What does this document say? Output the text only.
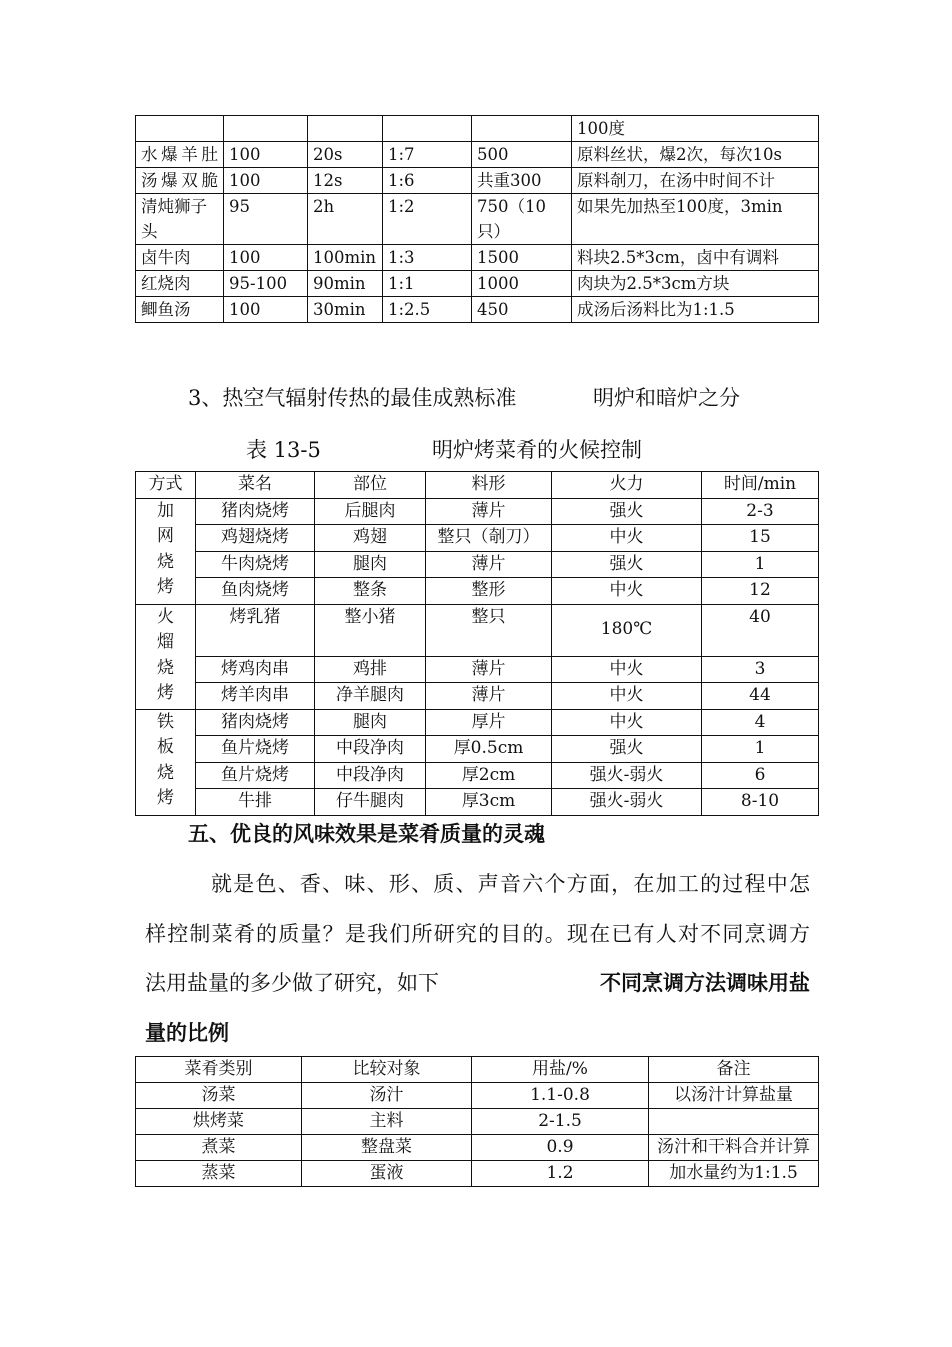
					100度
水爆羊肚	100	20s	1:7	500	原料丝状，爆2次，每次10s
汤爆双脆	100	12s	1:6	共重300	原料剞刀，在汤中时间不计
清炖狮子头	95	2h	1:2	750（10只）	如果先加热至100度，3min
卤牛肉	100	100min	1:3	1500	料块2.5*3cm，卤中有调料
红烧肉	95-100	90min	1:1	1000	肉块为2.5*3cm方块
鲫鱼汤	100	30min	1:2.5	450	成汤后汤料比为1:1.5
3、热空气辐射传热的最佳成熟标准	明炉和暗炉之分
表 13-5	明炉烤菜肴的火候控制
方式	菜名	部位	料形	火力	时间/min
加网烧烤	猪肉烧烤	后腿肉	薄片	强火	2-3
	鸡翅烧烤	鸡翅	整只（剞刀）	中火	15
	牛肉烧烤	腿肉	薄片	强火	1
	鱼肉烧烤	整条	整形	中火	12
火熘烧烤	烤乳猪	整小猪	整只	180℃	40
	烤鸡肉串	鸡排	薄片	中火	3
	烤羊肉串	净羊腿肉	薄片	中火	44
铁板烧烤	猪肉烧烤	腿肉	厚片	中火	4
	鱼片烧烤	中段净肉	厚0.5cm	强火	1
	鱼片烧烤	中段净肉	厚2cm	强火-弱火	6
	牛排	仔牛腿肉	厚3cm	强火-弱火	8-10
五、优良的风味效果是菜肴质量的灵魂
就是色、香、味、形、质、声音六个方面，在加工的过程中怎
样控制菜肴的质量？是我们所研究的目的。现在已有人对不同烹调方
法用盐量的多少做了研究，如下	不同烹调方法调味用盐
量的比例
菜肴类别	比较对象	用盐/%	备注
汤菜	汤汁	1.1-0.8	以汤汁计算盐量
烘烤菜	主料	2-1.5	
煮菜	整盘菜	0.9	汤汁和干料合并计算
蒸菜	蛋液	1.2	加水量约为1:1.5
